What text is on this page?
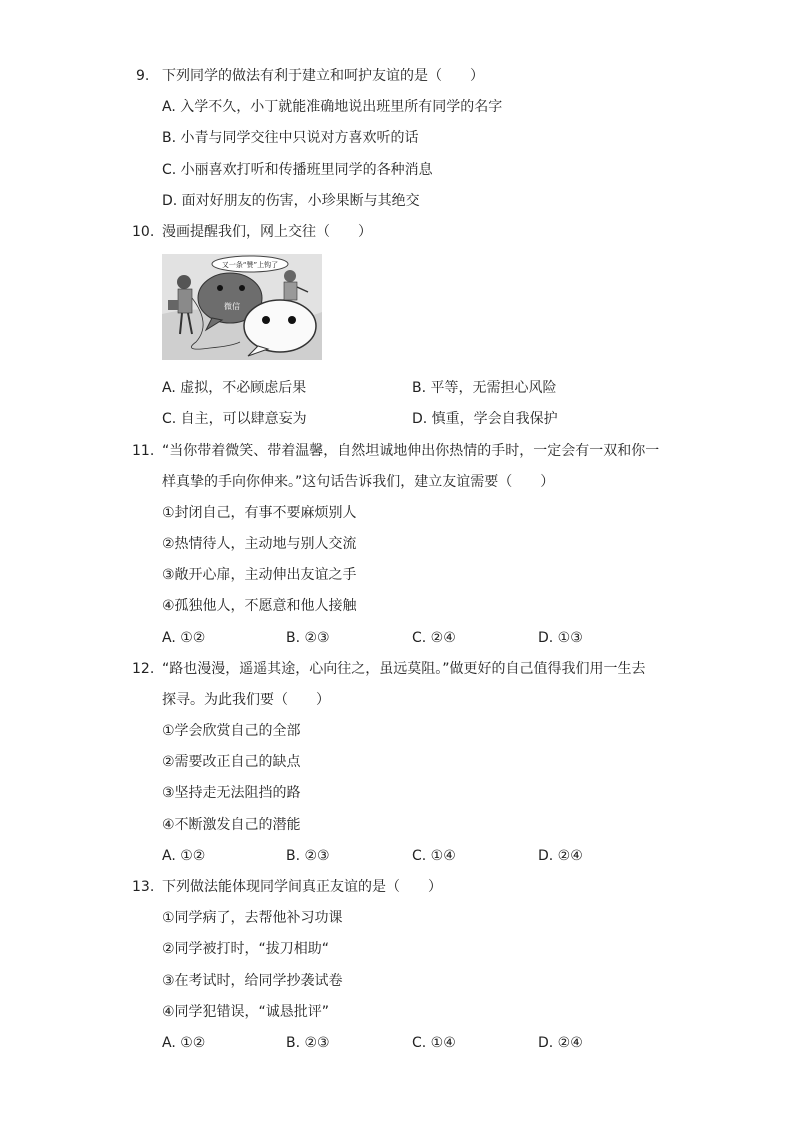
9. 下列同学的做法有利于建立和呵护友谊的是（　　）
A. 入学不久，小丁就能准确地说出班里所有同学的名字
B. 小青与同学交往中只说对方喜欢听的话
C. 小丽喜欢打听和传播班里同学的各种消息
D. 面对好朋友的伤害，小珍果断与其绝交
10. 漫画提醒我们，网上交往（　　）
又一条“赞”上钩了
微信
A. 虚拟，不必顾虑后果	B. 平等，无需担心风险
C. 自主，可以肆意妄为	D. 慎重，学会自我保护
11. “当你带着微笑、带着温馨，自然坦诚地伸出你热情的手时，一定会有一双和你一
样真挚的手向你伸来。”这句话告诉我们，建立友谊需要（　　）
①封闭自己，有事不要麻烦别人
②热情待人，主动地与别人交流
③敞开心扉，主动伸出友谊之手
④孤独他人，不愿意和他人接触
A. ①②	B. ②③	C. ②④	D. ①③
12. “路也漫漫，遥遥其途，心向往之，虽远莫阻。”做更好的自己值得我们用一生去
探寻。为此我们要（　　）
①学会欣赏自己的全部
②需要改正自己的缺点
③坚持走无法阻挡的路
④不断激发自己的潜能
A. ①②	B. ②③	C. ①④	D. ②④
13. 下列做法能体现同学间真正友谊的是（　　）
①同学病了，去帮他补习功课
②同学被打时，“拔刀相助“
③在考试时，给同学抄袭试卷
④同学犯错误，“诚恳批评”
A. ①②	B. ②③	C. ①④	D. ②④
